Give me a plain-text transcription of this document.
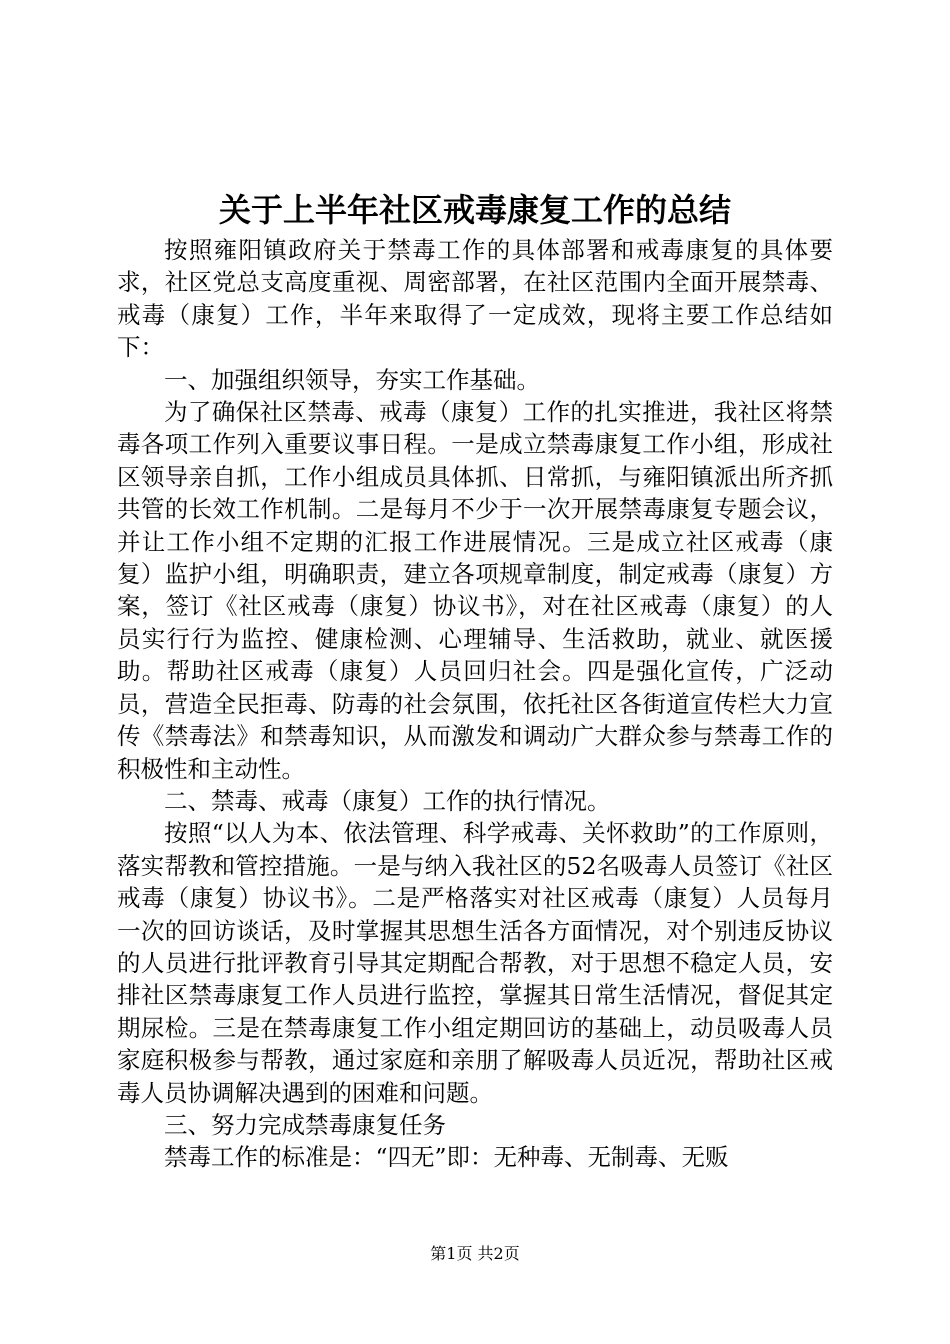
关于上半年社区戒毒康复工作的总结

按照雍阳镇政府关于禁毒工作的具体部署和戒毒康复的具体要求，社区党总支高度重视、周密部署，在社区范围内全面开展禁毒、戒毒（康复）工作，半年来取得了一定成效，现将主要工作总结如下：

一、加强组织领导，夯实工作基础。

为了确保社区禁毒、戒毒（康复）工作的扎实推进，我社区将禁毒各项工作列入重要议事日程。一是成立禁毒康复工作小组，形成社区领导亲自抓，工作小组成员具体抓、日常抓，与雍阳镇派出所齐抓共管的长效工作机制。二是每月不少于一次开展禁毒康复专题会议，并让工作小组不定期的汇报工作进展情况。三是成立社区戒毒（康复）监护小组，明确职责，建立各项规章制度，制定戒毒（康复）方案，签订《社区戒毒（康复）协议书》，对在社区戒毒（康复）的人员实行行为监控、健康检测、心理辅导、生活救助，就业、就医援助。帮助社区戒毒（康复）人员回归社会。四是强化宣传，广泛动员，营造全民拒毒、防毒的社会氛围，依托社区各街道宣传栏大力宣传《禁毒法》和禁毒知识，从而激发和调动广大群众参与禁毒工作的积极性和主动性。

二、禁毒、戒毒（康复）工作的执行情况。

按照“以人为本、依法管理、科学戒毒、关怀救助”的工作原则，落实帮教和管控措施。一是与纳入我社区的52名吸毒人员签订《社区戒毒（康复）协议书》。二是严格落实对社区戒毒（康复）人员每月一次的回访谈话，及时掌握其思想生活各方面情况，对个别违反协议的人员进行批评教育引导其定期配合帮教，对于思想不稳定人员，安排社区禁毒康复工作人员进行监控，掌握其日常生活情况，督促其定期尿检。三是在禁毒康复工作小组定期回访的基础上，动员吸毒人员家庭积极参与帮教，通过家庭和亲朋了解吸毒人员近况，帮助社区戒毒人员协调解决遇到的困难和问题。

三、努力完成禁毒康复任务

禁毒工作的标准是：“四无”即：无种毒、无制毒、无贩

第1页 共2页
